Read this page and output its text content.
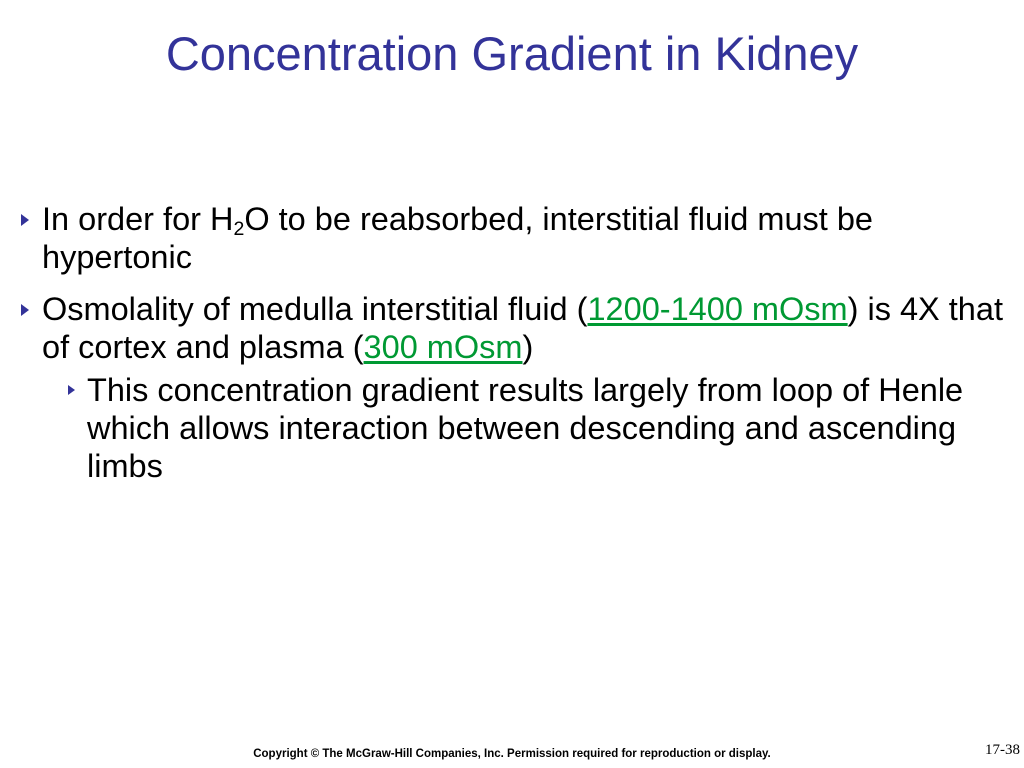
Concentration Gradient in Kidney
In order for $H_2O$ to be reabsorbed, interstitial fluid must be hypertonic
Osmolality of medulla interstitial fluid (1200-1400 mOsm) is 4X that of cortex and plasma (300 mOsm)
This concentration gradient results largely from loop of Henle which allows interaction between descending and ascending limbs
Copyright © The McGraw-Hill Companies, Inc. Permission required for reproduction or display.	17-38
